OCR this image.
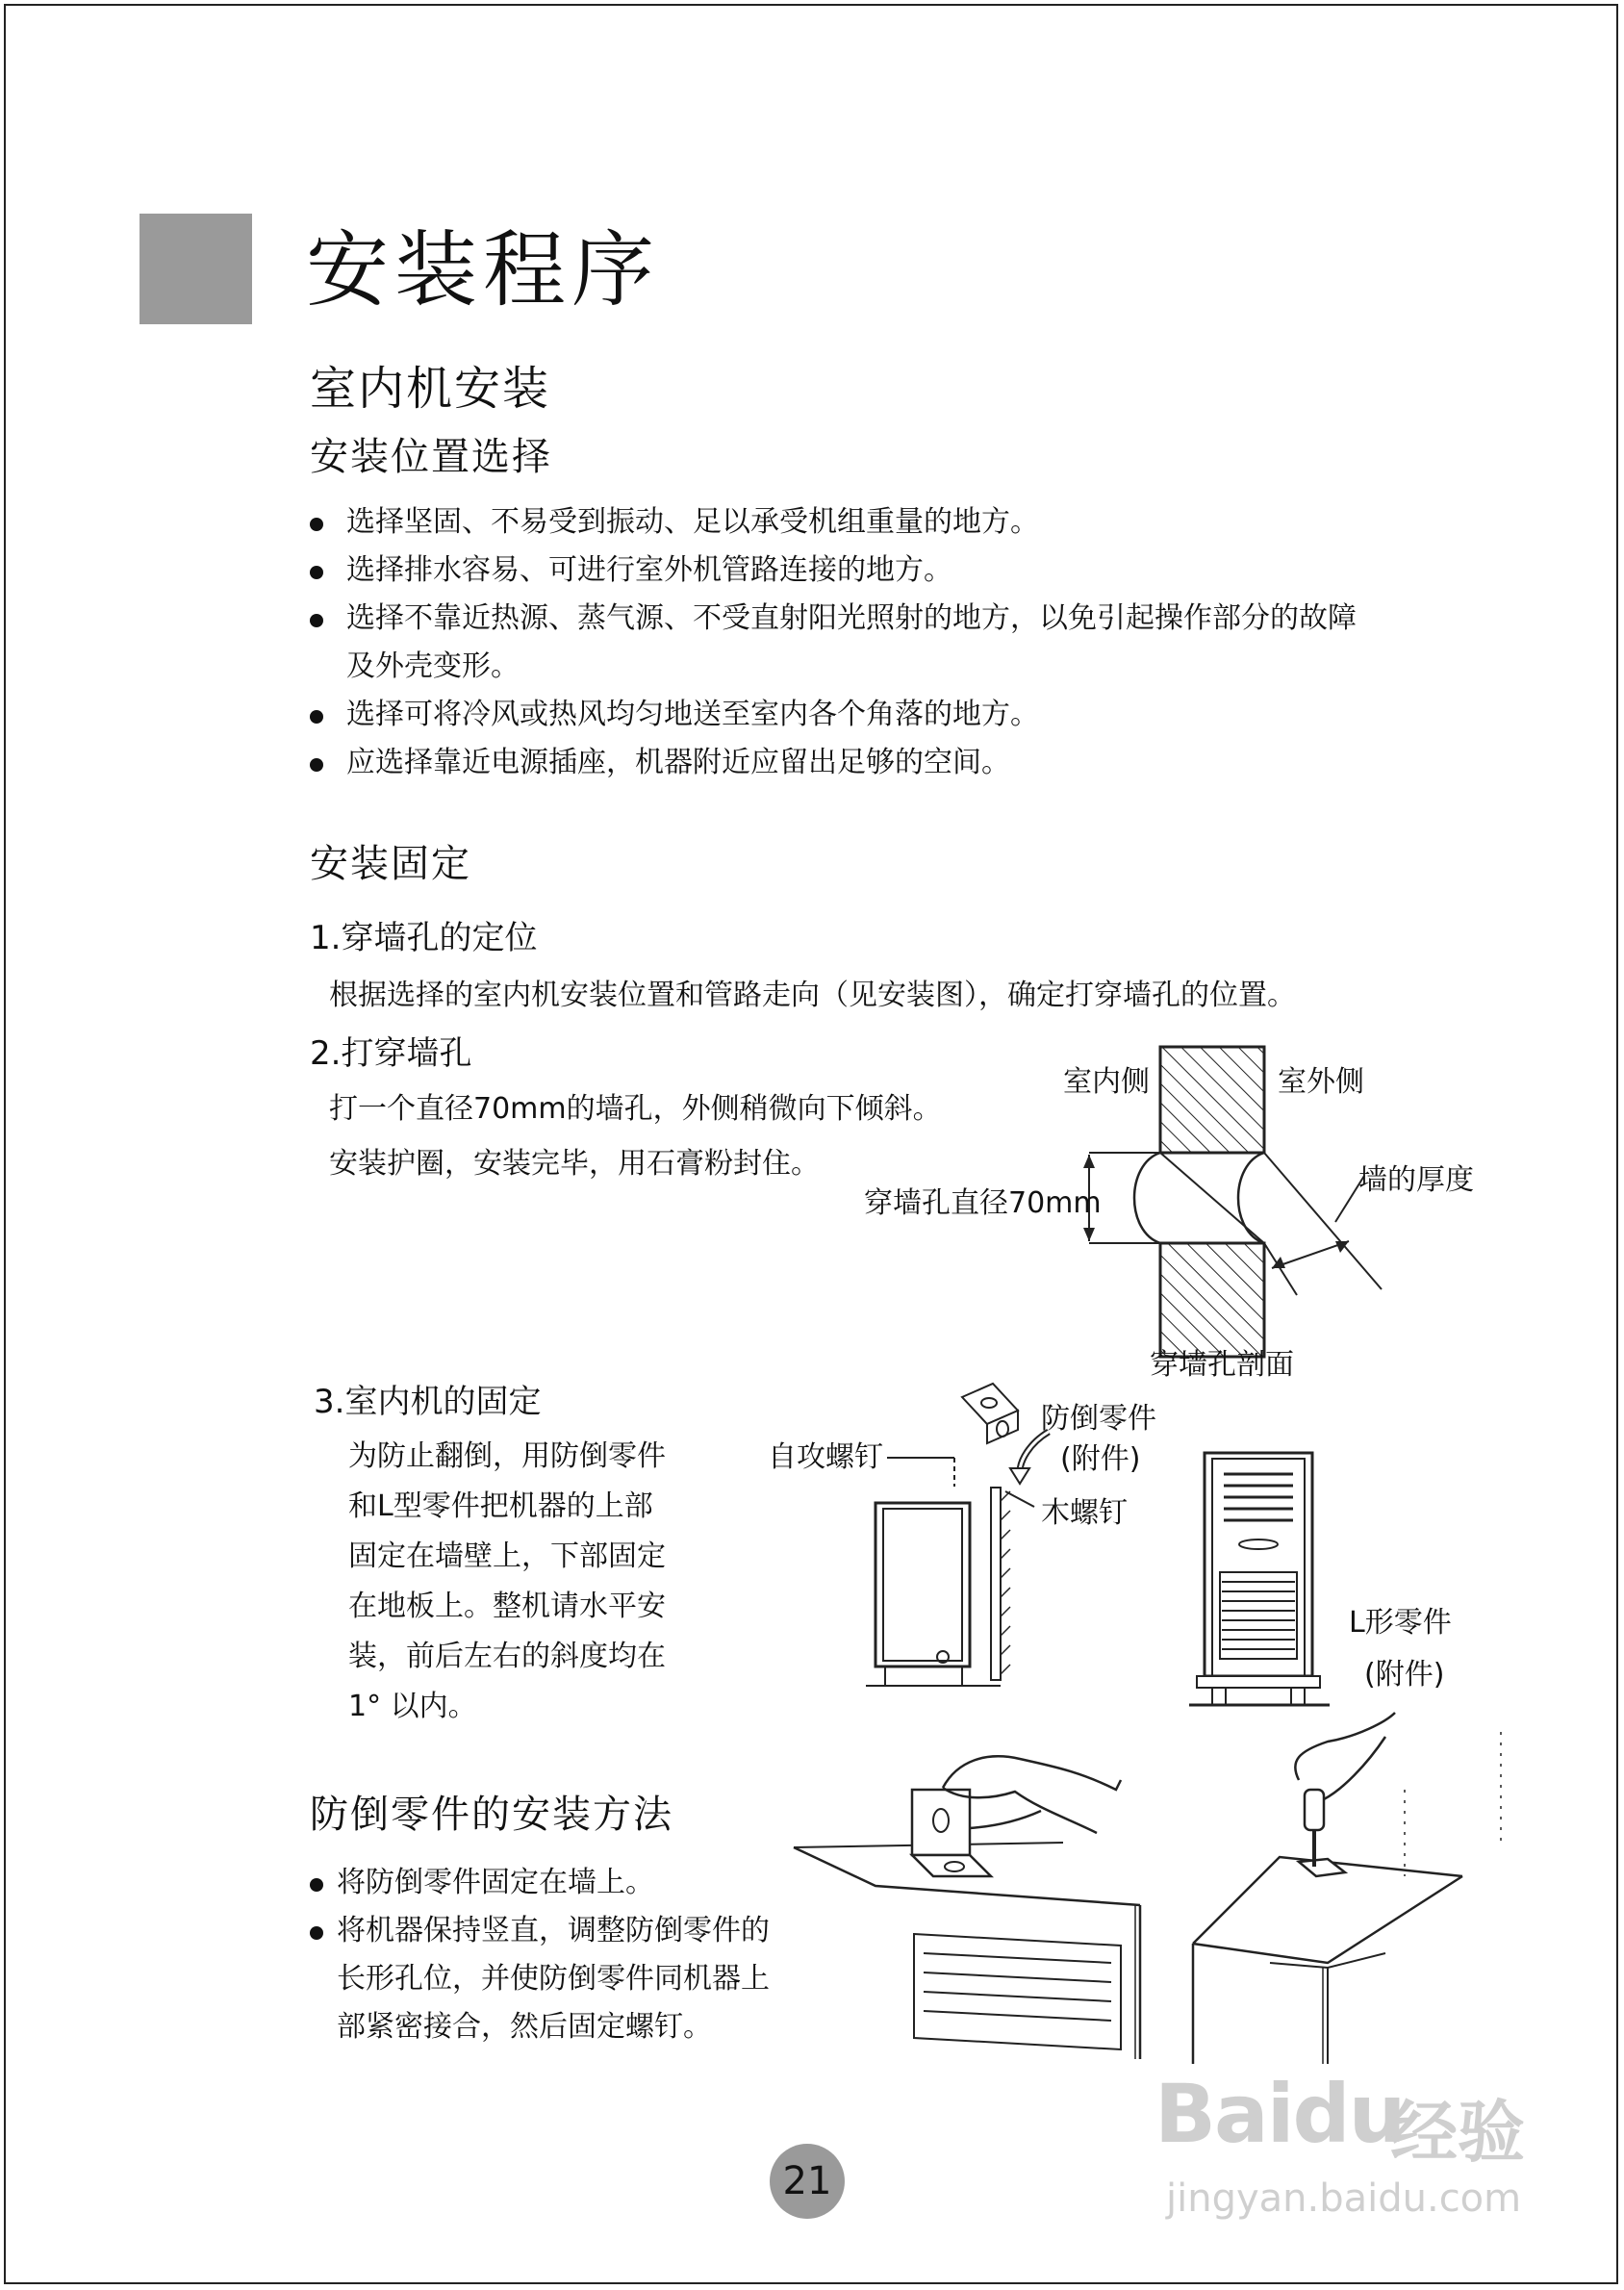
安装程序
室内机安装
安装位置选择

选择坚固、不易受到振动、足以承受机组重量的地方。

选择排水容易、可进行室外机管路连接的地方。

选择不靠近热源、蒸气源、不受直射阳光照射的地方，以免引起操作部分的故障

及外壳变形。

选择可将冷风或热风均匀地送至室内各个角落的地方。

应选择靠近电源插座，机器附近应留出足够的空间。

安装固定
1.穿墙孔的定位
根据选择的室内机安装位置和管路走向（见安装图），确定打穿墙孔的位置。
2.打穿墙孔
打一个直径70mm的墙孔，外侧稍微向下倾斜。
安装护圈，安装完毕，用石膏粉封住。
室内侧	室外侧
墙的厚度
穿墙孔直径70mm
穿墙孔剖面
3.室内机的固定
为防止翻倒，用防倒零件
和L型零件把机器的上部
固定在墙壁上，下部固定
在地板上。整机请水平安
装，前后左右的斜度均在
1° 以内。
自攻螺钉
防倒零件
(附件)
木螺钉
L形零件
(附件)
防倒零件的安装方法

将防倒零件固定在墙上。

将机器保持竖直，调整防倒零件的

长形孔位，并使防倒零件同机器上

部紧密接合，然后固定螺钉。

21
Baidu
经验
jingyan.baidu.com
